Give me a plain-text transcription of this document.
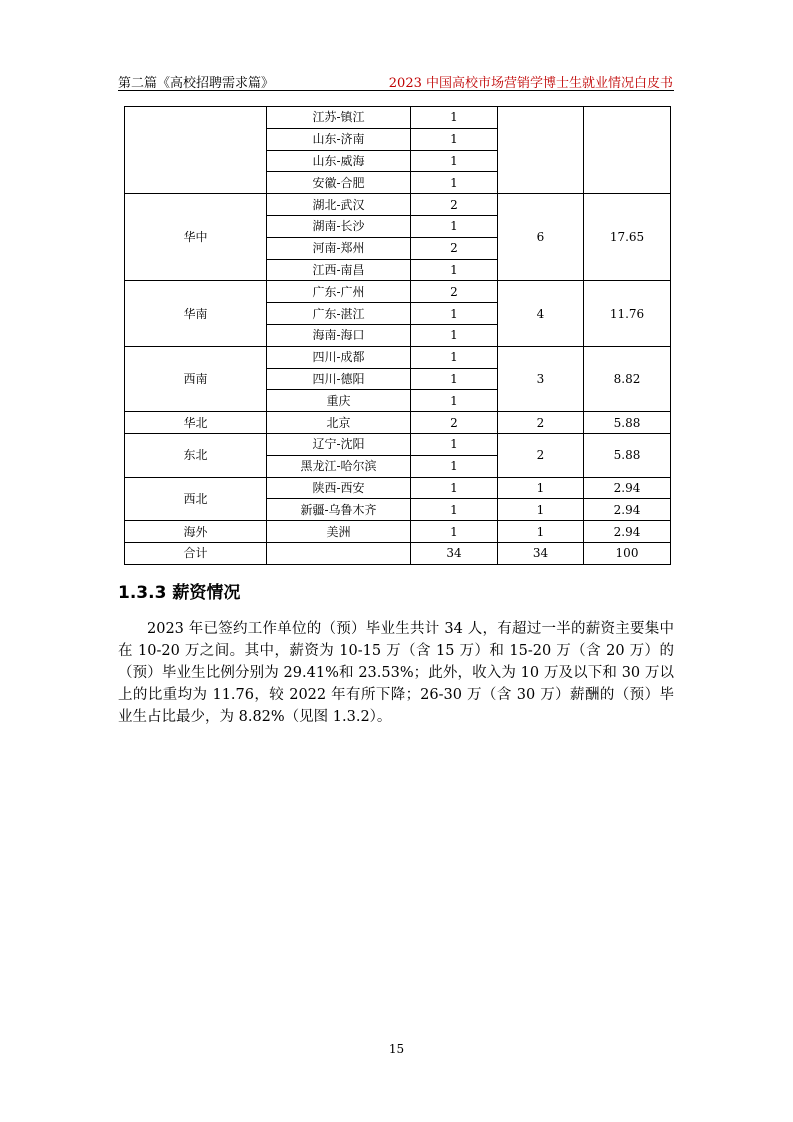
第二篇《高校招聘需求篇》	2023 中国高校市场营销学博士生就业情况白皮书
	江苏-镇江	1		
	山东-济南	1		
	山东-威海	1		
	安徽-合肥	1		
华中	湖北-武汉	2	6	17.65
	湖南-长沙	1		
	河南-郑州	2		
	江西-南昌	1		
华南	广东-广州	2	4	11.76
	广东-湛江	1		
	海南-海口	1		
西南	四川-成都	1	3	8.82
	四川-德阳	1		
	重庆	1		
华北	北京	2	2	5.88
东北	辽宁-沈阳	1	2	5.88
	黑龙江-哈尔滨	1		
西北	陕西-西安	1	1	2.94
	新疆-乌鲁木齐	1	1	2.94
海外	美洲	1	1	2.94
合计		34	34	100
1.3.3 薪资情况

2023 年已签约工作单位的（预）毕业生共计 34 人，有超过一半的薪资主要集中在 10-20 万之间。其中，薪资为 10-15 万（含 15 万）和 15-20 万（含 20 万）的（预）毕业生比例分别为 29.41%和 23.53%；此外，收入为 10 万及以下和 30 万以上的比重均为 11.76，较 2022 年有所下降；26-30 万（含 30 万）薪酬的（预）毕业生占比最少，为 8.82%（见图 1.3.2）。

15
